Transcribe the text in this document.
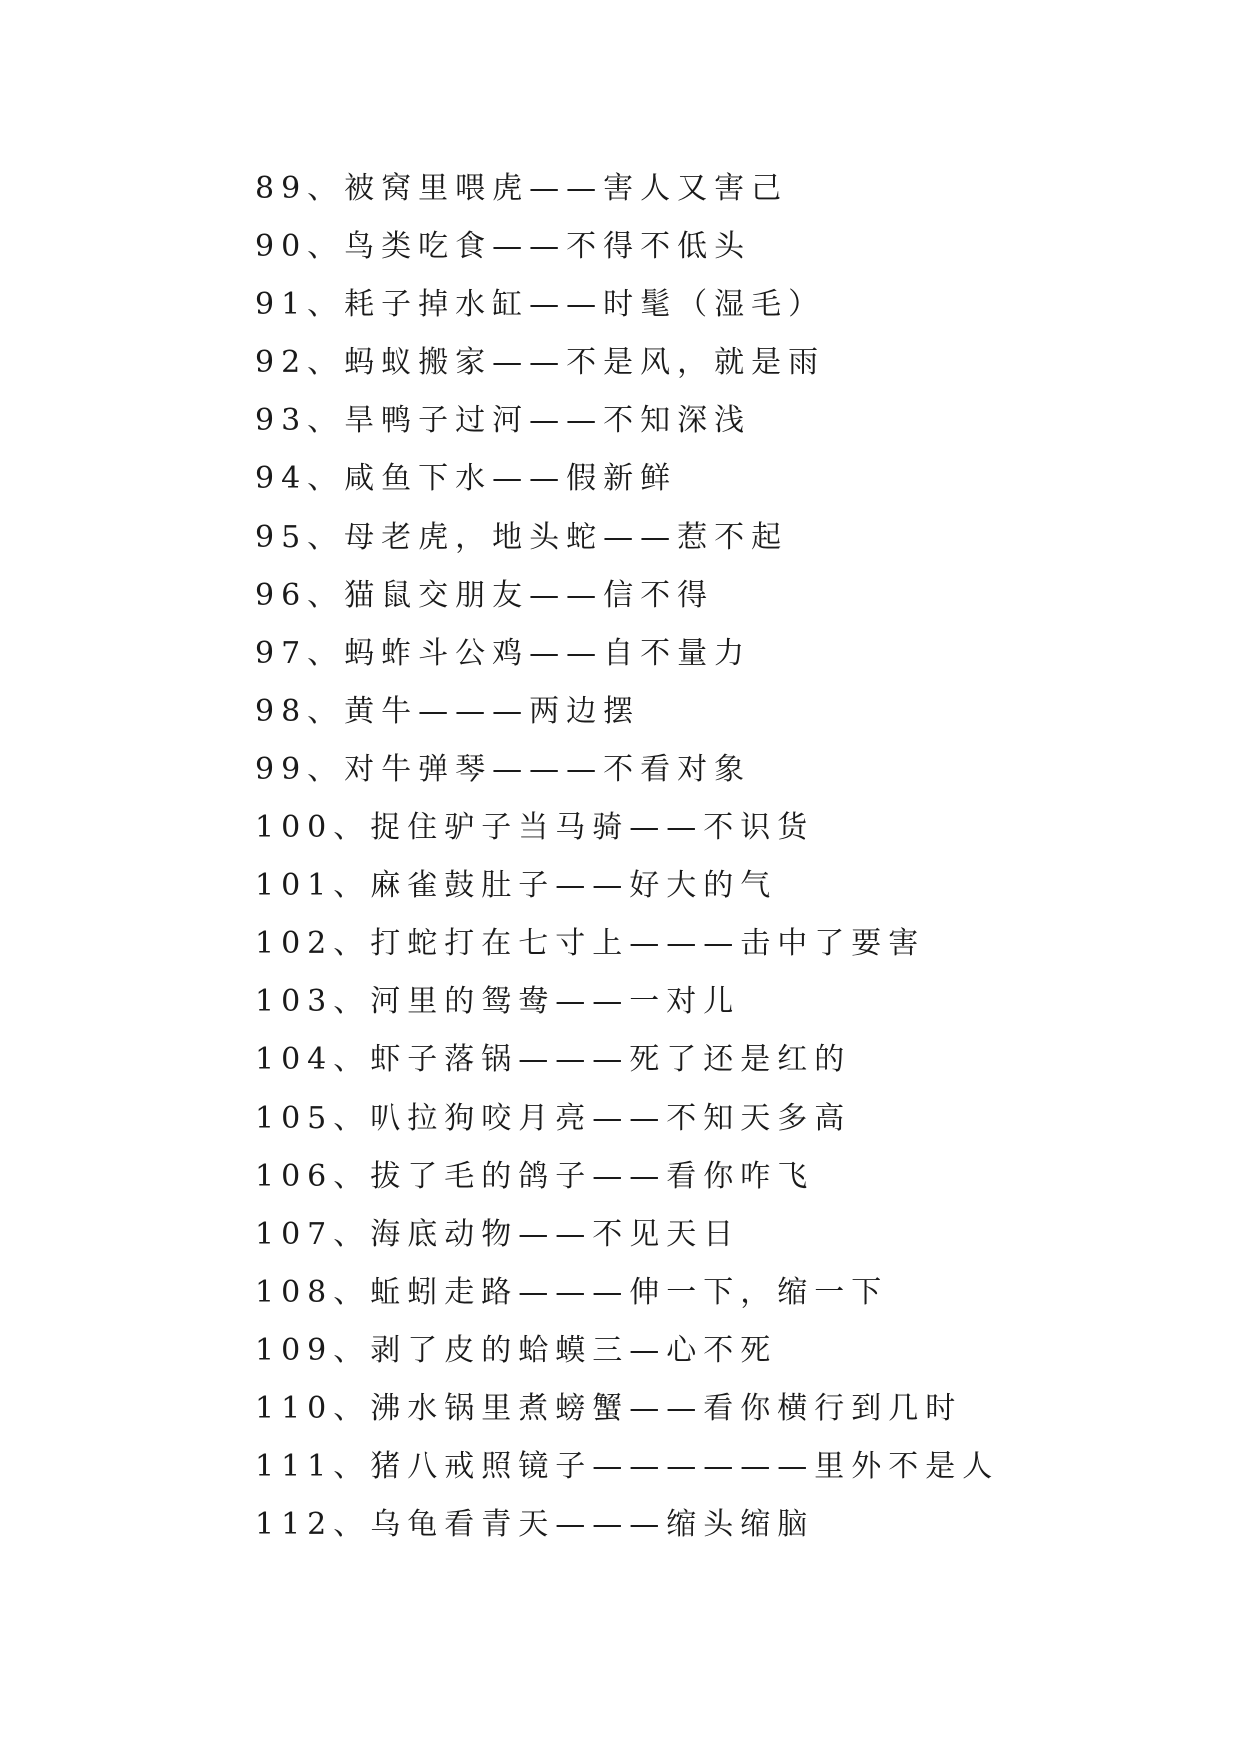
89、被窝里喂虎——害人又害己
90、鸟类吃食——不得不低头
91、耗子掉水缸——时髦（湿毛）
92、蚂蚁搬家——不是风，就是雨
93、旱鸭子过河——不知深浅
94、咸鱼下水——假新鲜
95、母老虎，地头蛇——惹不起
96、猫鼠交朋友——信不得
97、蚂蚱斗公鸡——自不量力
98、黄牛———两边摆
99、对牛弹琴———不看对象
100、捉住驴子当马骑——不识货
101、麻雀鼓肚子——好大的气
102、打蛇打在七寸上———击中了要害
103、河里的鸳鸯——一对儿
104、虾子落锅———死了还是红的
105、叭拉狗咬月亮——不知天多高
106、拔了毛的鸽子——看你咋飞
107、海底动物——不见天日
108、蚯蚓走路———伸一下，缩一下
109、剥了皮的蛤蟆三—心不死
110、沸水锅里煮螃蟹——看你横行到几时
111、猪八戒照镜子——————里外不是人
112、乌龟看青天———缩头缩脑
